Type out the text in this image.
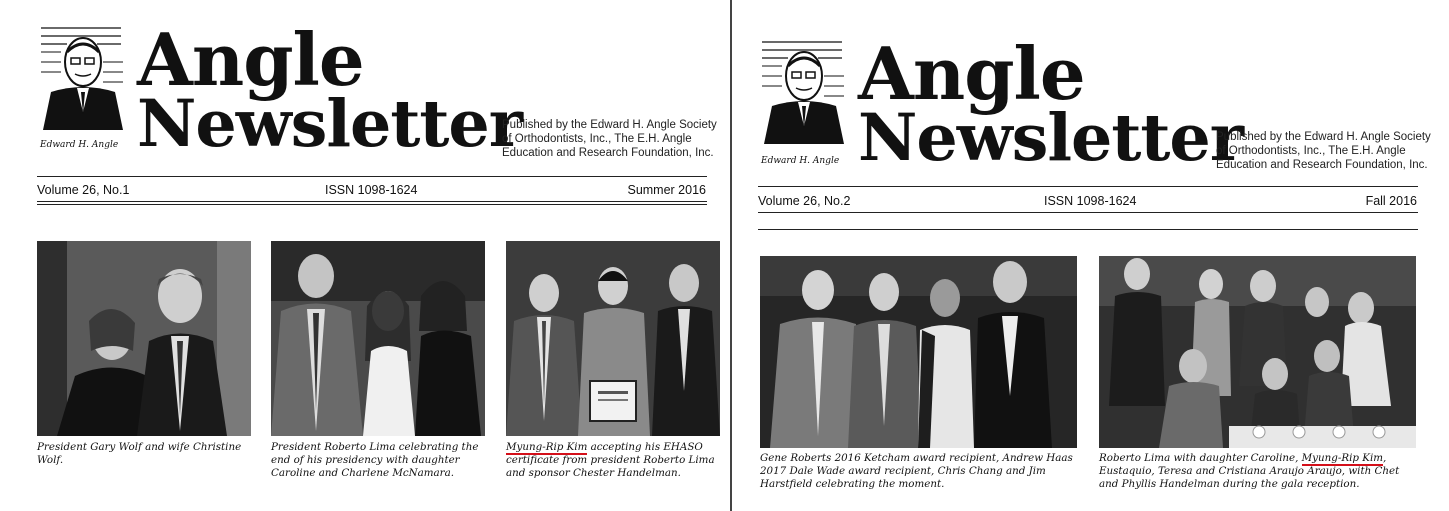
Edward H. Angle
Angle
Newsletter
Published by the Edward H. Angle Society
of Orthodontists, Inc., The E.H. Angle
Education and Research Foundation, Inc.
Volume 26, No.1	ISSN 1098-1624	Summer 2016
President Gary Wolf and wife Christine Wolf.
President Roberto Lima celebrating the end of his presidency with daughter Caroline and Charlene McNamara.
Myung-Rip Kim accepting his EHASO certificate from president Roberto Lima and sponsor Chester Handelman.
Edward H. Angle
Angle
Newsletter
Published by the Edward H. Angle Society
of Orthodontists, Inc., The E.H. Angle
Education and Research Foundation, Inc.
Volume 26, No.2	ISSN 1098-1624	Fall 2016
Gene Roberts 2016 Ketcham award recipient, Andrew Haas 2017 Dale Wade award recipient, Chris Chang and Jim Harstfield celebrating the moment.
Roberto Lima with daughter Caroline, Myung-Rip Kim, Eustaquio, Teresa and Cristiana Araujo Araujo, with Chet and Phyllis Handelman during the gala reception.
